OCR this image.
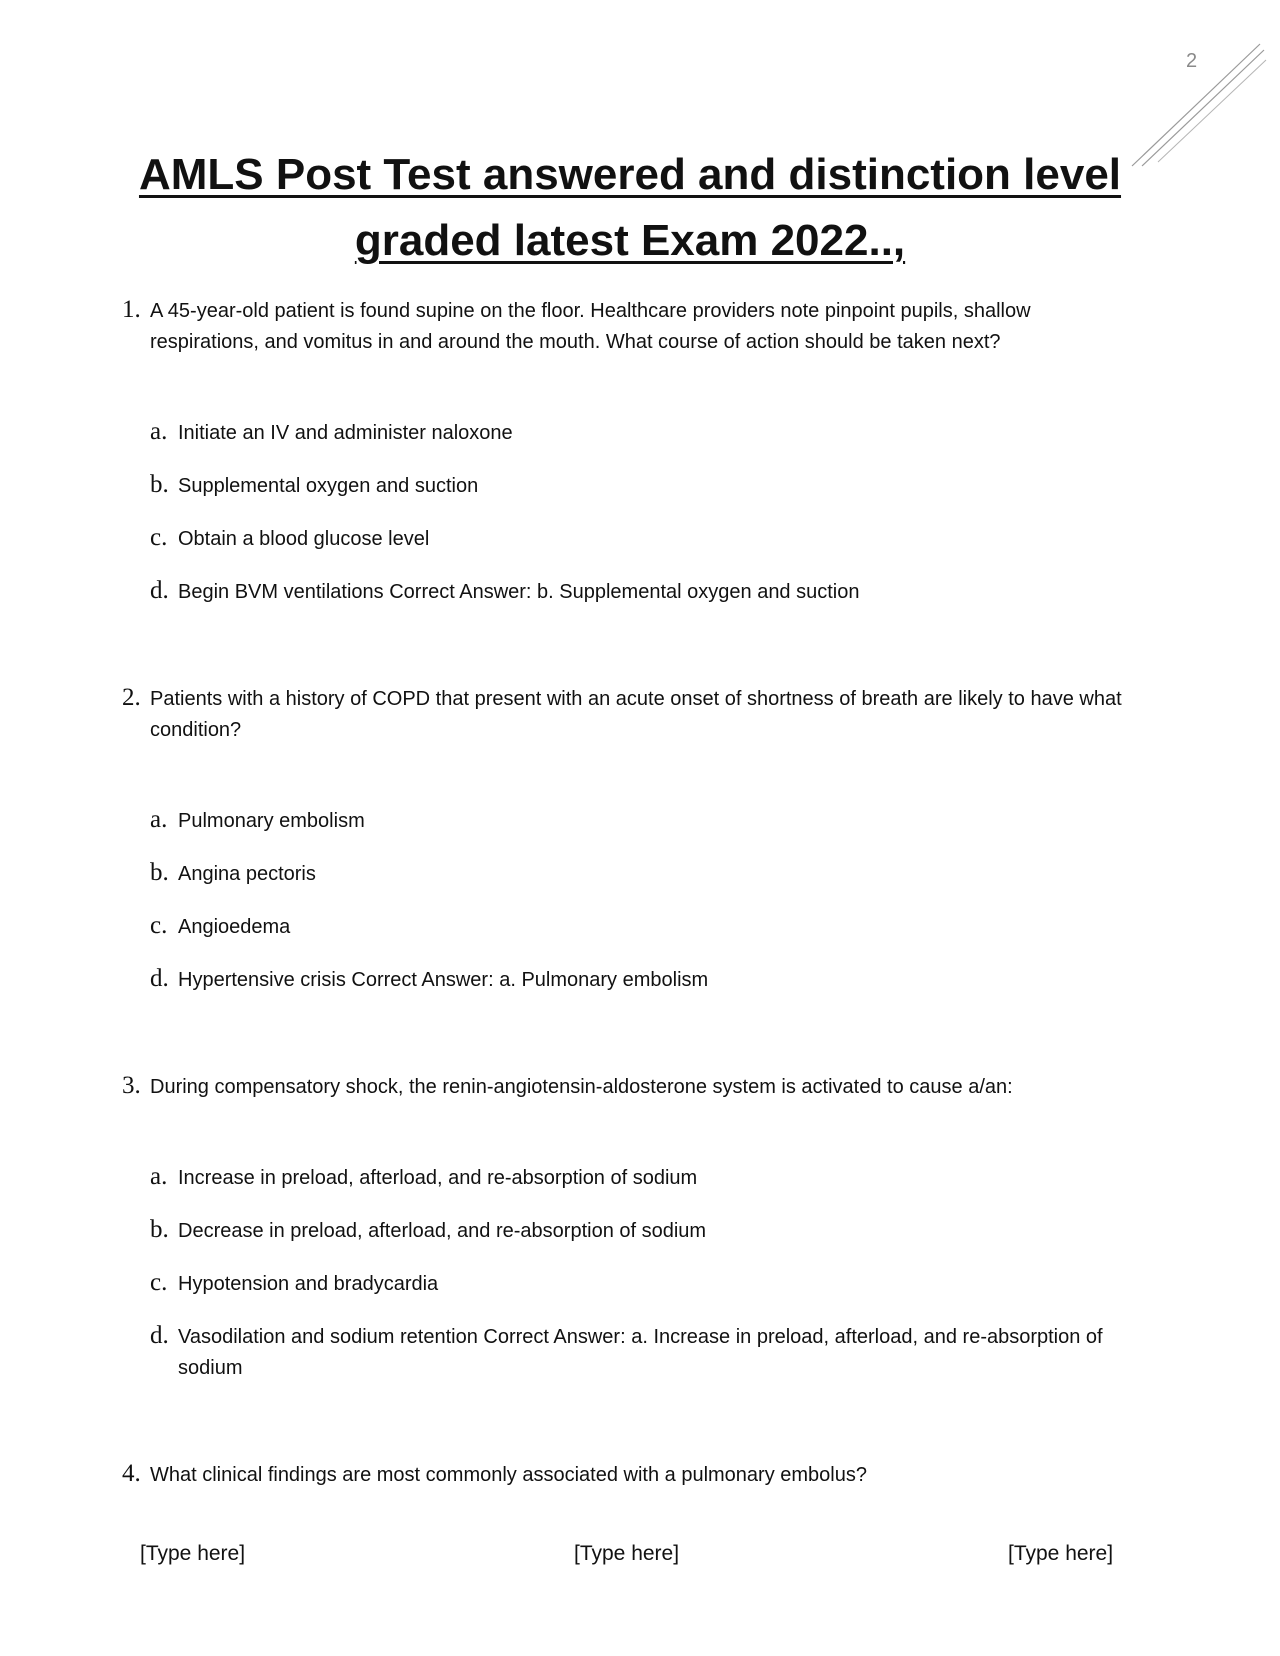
2
AMLS Post Test answered and distinction level graded latest Exam 2022..,
1. A 45-year-old patient is found supine on the floor. Healthcare providers note pinpoint pupils, shallow respirations, and vomitus in and around the mouth. What course of action should be taken next?
a. Initiate an IV and administer naloxone
b. Supplemental oxygen and suction
c. Obtain a blood glucose level
d. Begin BVM ventilations Correct Answer: b. Supplemental oxygen and suction
2. Patients with a history of COPD that present with an acute onset of shortness of breath are likely to have what condition?
a. Pulmonary embolism
b. Angina pectoris
c. Angioedema
d. Hypertensive crisis Correct Answer: a. Pulmonary embolism
3. During compensatory shock, the renin-angiotensin-aldosterone system is activated to cause a/an:
a. Increase in preload, afterload, and re-absorption of sodium
b. Decrease in preload, afterload, and re-absorption of sodium
c. Hypotension and bradycardia
d. Vasodilation and sodium retention Correct Answer: a. Increase in preload, afterload, and re-absorption of sodium
4. What clinical findings are most commonly associated with a pulmonary embolus?
[Type here]	[Type here]	[Type here]
